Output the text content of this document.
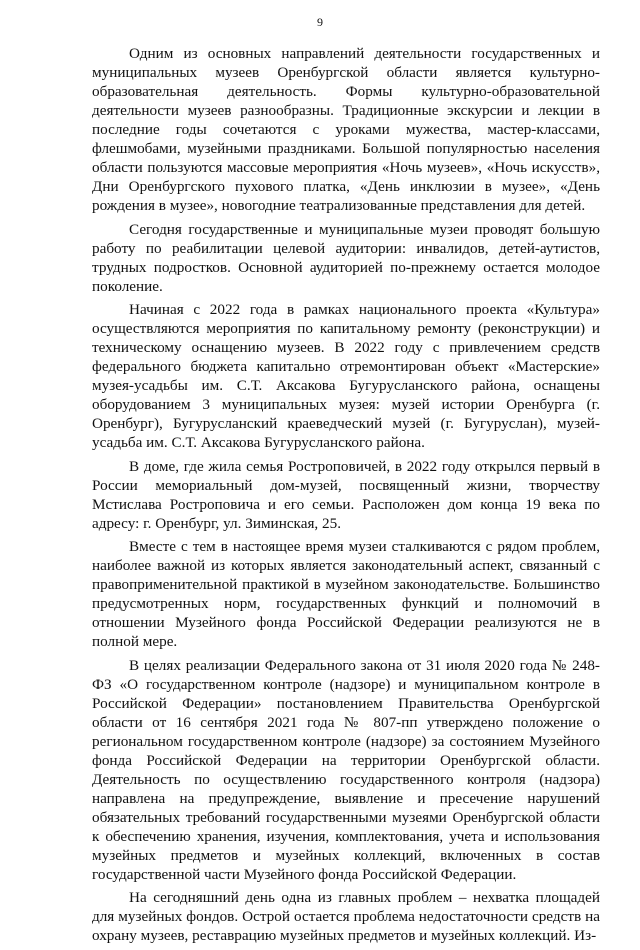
9

Одним из основных направлений деятельности государственных и муниципальных музеев Оренбургской области является культурно-образовательная деятельность. Формы культурно-образовательной деятельности музеев разнообразны. Традиционные экскурсии и лекции в последние годы сочетаются с уроками мужества, мастер-классами, флешмобами, музейными праздниками. Большой популярностью населения области пользуются массовые мероприятия «Ночь музеев», «Ночь искусств», Дни Оренбургского пухового платка, «День инклюзии в музее», «День рождения в музее», новогодние театрализованные представления для детей.

Сегодня государственные и муниципальные музеи проводят большую работу по реабилитации целевой аудитории: инвалидов, детей-аутистов, трудных подростков. Основной аудиторией по-прежнему остается молодое поколение.

Начиная с 2022 года в рамках национального проекта «Культура» осуществляются мероприятия по капитальному ремонту (реконструкции) и техническому оснащению музеев. В 2022 году с привлечением средств федерального бюджета капитально отремонтирован объект «Мастерские» музея-усадьбы им. С.Т. Аксакова Бугурусланского района, оснащены оборудованием 3 муниципальных музея: музей истории Оренбурга (г. Оренбург), Бугурусланский краеведческий музей (г. Бугуруслан), музей-усадьба им. С.Т. Аксакова Бугурусланского района.

В доме, где жила семья Ростроповичей, в 2022 году открылся первый в России мемориальный дом-музей, посвященный жизни, творчеству Мстислава Ростроповича и его семьи. Расположен дом конца 19 века по адресу: г. Оренбург, ул. Зиминская, 25.

Вместе с тем в настоящее время музеи сталкиваются с рядом проблем, наиболее важной из которых является законодательный аспект, связанный с правоприменительной практикой в музейном законодательстве. Большинство предусмотренных норм, государственных функций и полномочий в отношении Музейного фонда Российской Федерации реализуются не в полной мере.

В целях реализации Федерального закона от 31 июля 2020 года № 248-ФЗ «О государственном контроле (надзоре) и муниципальном контроле в Российской Федерации» постановлением Правительства Оренбургской области от 16 сентября 2021 года № 807-пп утверждено положение о региональном государственном контроле (надзоре) за состоянием Музейного фонда Российской Федерации на территории Оренбургской области. Деятельность по осуществлению государственного контроля (надзора) направлена на предупреждение, выявление и пресечение нарушений обязательных требований государственными музеями Оренбургской области к обеспечению хранения, изучения, комплектования, учета и использования музейных предметов и музейных коллекций, включенных в состав государственной части Музейного фонда Российской Федерации.

На сегодняшний день одна из главных проблем – нехватка площадей для музейных фондов. Острой остается проблема недостаточности средств на охрану музеев, реставрацию музейных предметов и музейных коллекций. Из-
